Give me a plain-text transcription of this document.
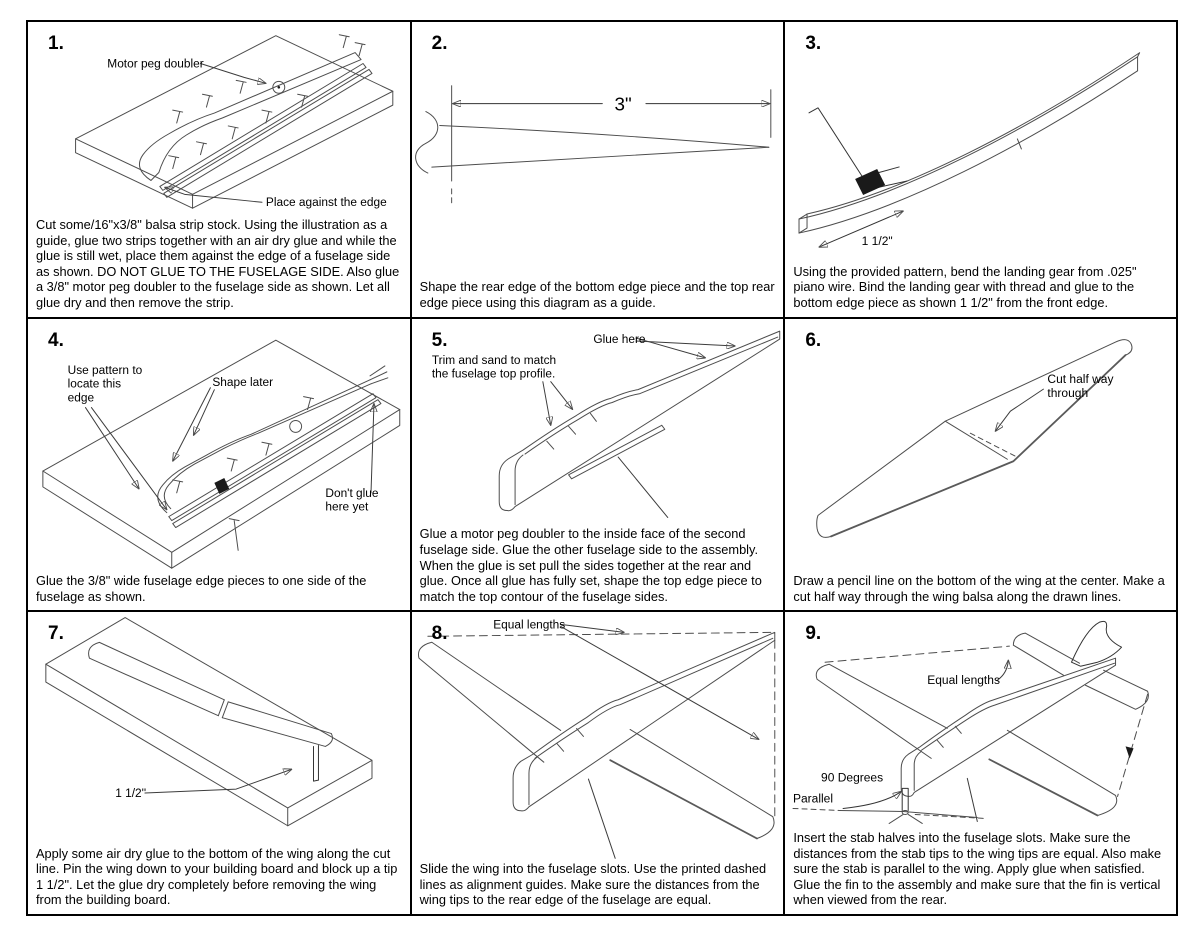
1.
Motor peg doubler
Place against the edge

Cut some/16"x3/8" balsa strip stock. Using the illustration as a guide, glue two strips together with an air dry glue and while the glue is still wet, place them against the edge of a fuselage side as shown. DO NOT GLUE TO THE FUSELAGE SIDE. Also glue a 3/8" motor peg doubler to the fuselage side as shown. Let all glue dry and then remove the strip.

2.
3"

Shape the rear edge of the bottom edge piece and the top rear edge piece using this diagram as a guide.

3.
1 1/2"

Using the provided pattern, bend the landing gear from .025" piano wire. Bind the landing gear with thread and glue to the bottom edge piece as shown 1 1/2" from the front edge.

4.
Use pattern to
locate this
edge
Shape later
Don't glue
here yet

Glue the 3/8" wide fuselage edge pieces to one side of the fuselage as shown.

5.	Glue here
Trim and sand to match
the fuselage top profile.

Glue a motor peg doubler to the inside face of the second fuselage side. Glue the other fuselage side to the assembly. When the glue is set pull the sides together at the rear and glue. Once all glue has fully set, shape the top edge piece to match the top contour of the fuselage sides.

6.
Cut half way
through

Draw a pencil line on the bottom of the wing at the center. Make a cut half way through the wing balsa along the drawn lines.

7.
1 1/2''

Apply some air dry glue to the bottom of the wing along the cut line. Pin the wing down to your building board and block up a tip 1 1/2". Let the glue dry completely before removing the wing from the building board.

8.	Equal lengths

Slide the wing into the fuselage slots. Use the printed dashed lines as alignment guides. Make sure the distances from the wing tips to the rear edge of the fuselage are equal.

9.
Equal lengths
90 Degrees
Parallel

Insert the stab halves into the fuselage slots. Make sure the distances from the stab tips to the wing tips are equal. Also make sure the stab is parallel to the wing. Apply glue when satisfied. Glue the fin to the assembly and make sure that the fin is vertical when viewed from the rear.
